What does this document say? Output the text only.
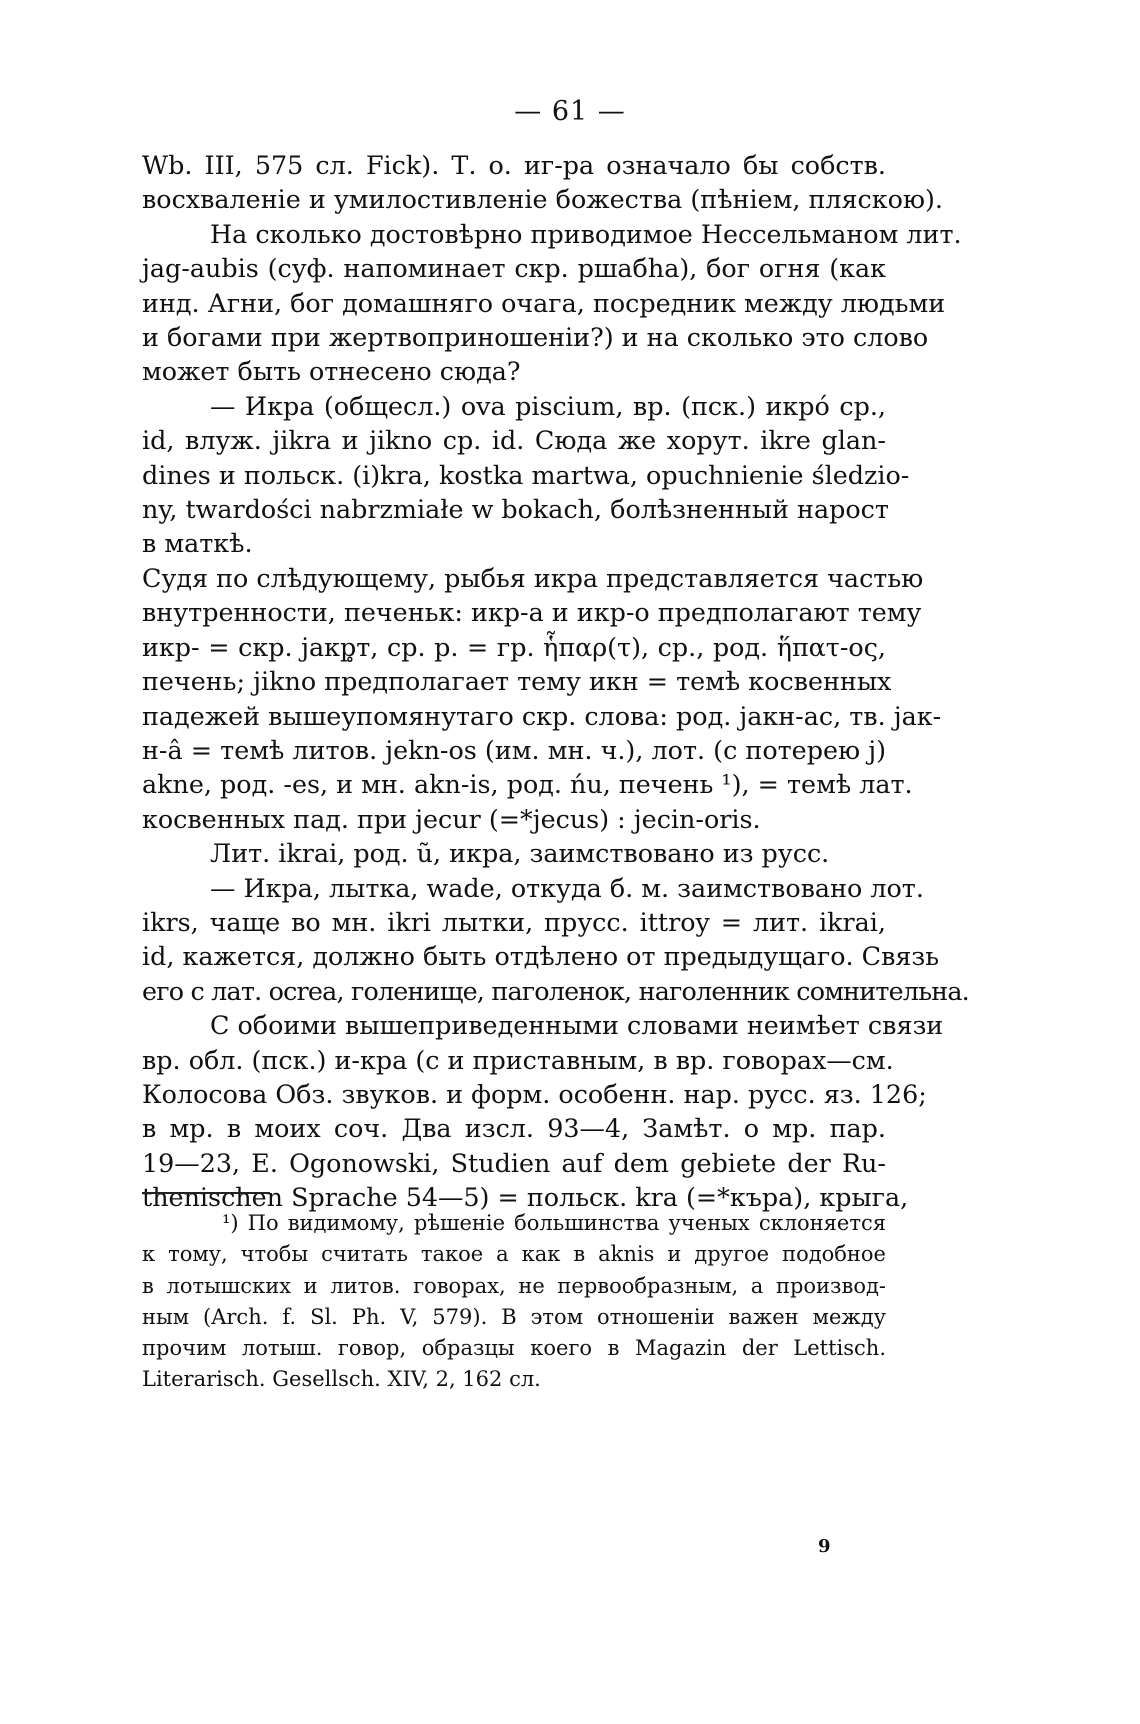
— 61 —
Wb. III, 575 сл. Fick). Т. о. иг-ра означало бы собств.
восхваленіе и умилостивленіе божества (пѣніем, пляскою).
На сколько достовѣрно приводимое Нессельманом лит.
jag-aubis (суф. напоминает скр. ршабhа), бог огня (как
инд. Агни, бог домашняго очага, посредник между людьми
и богами при жертвоприношеніи?) и на сколько это слово
может быть отнесено сюда?
— Икра (общесл.) ova piscium, вр. (пск.) икро́ ср.,
id, влуж. jikra и jikno ср. id. Сюда же хорут. ikre glan-
dines и польск. (i)kra, kostka martwa, opuchnienie śledzio-
ny, twardości nabrzmiałe w bokach, болѣзненный нарост
в маткѣ.
Судя по слѣдующему, рыбья икра представляется частью
внутренности, печеньк: икр-а и икр-о предполагают тему
икр- = скр. jакр̥т, ср. р. = гр. ἧπαρ(τ), ср., род. ἥπατ-ος,
печень; jikno предполагает тему икн = темѣ косвенных
падежей вышеупомянутаго скр. слова: род. jакн-ас, тв. jак-
н-â = темѣ литов. jekn-os (им. мн. ч.), лот. (с потерею j)
akne, род. -es, и мн. akn-is, род. ńu, печень ¹), = темѣ лат.
косвенных пад. при jecur (=*jecus) : jecin-oris.
Лит. ikrai, род. ũ, икра, заимствовано из русс.
— Икра, лытка, wade, откуда б. м. заимствовано лот.
ikrs, чаще во мн. ikri лытки, прусс. ittroy = лит. ikrai,
id, кажется, должно быть отдѣлено от предыдущаго. Связь
его с лат. ocrea, голенище, паголенок, наголенник сомнительна.
С обоими вышеприведенными словами неимѣет связи
вр. обл. (пск.) и-кра (с и приставным, в вр. говорах—см.
Колосова Обз. звуков. и форм. особенн. нар. русс. яз. 126;
в мр. в моих соч. Два изсл. 93—4, Замѣт. о мр. пар.
19—23, E. Ogonowski, Studien auf dem gebiete der Ru-
thenischen Sprache 54—5) = польск. kra (=*къра), крыга,
¹) По видимому, рѣшеніе большинства ученых склоняется
к тому, чтобы считать такое a как в aknis и другое подобное
в лотышских и литов. говорах, не первообразным, а производ-
ным (Arch. f. Sl. Ph. V, 579). В этом отношеніи важен между
прочим лотыш. говор, образцы коего в Magazin der Lettisch.
Literarisch. Gesellsch. XIV, 2, 162 сл.
9
